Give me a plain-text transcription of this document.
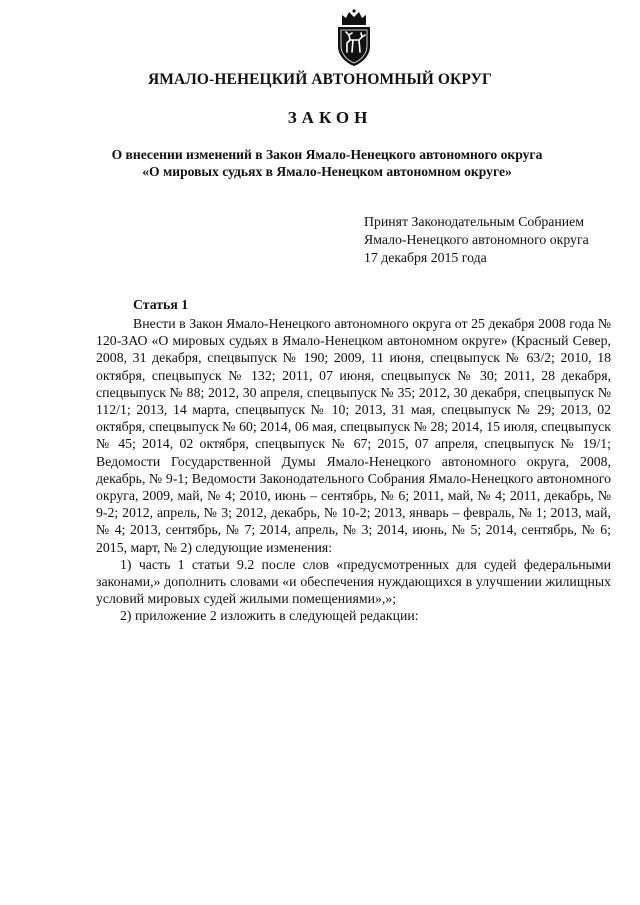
ЯМАЛО-НЕНЕЦКИЙ АВТОНОМНЫЙ ОКРУГ
ЗАКОН
О внесении изменений в Закон Ямало-Ненецкого автономного округа
«О мировых судьях в Ямало-Ненецком автономном округе»
Принят Законодательным Собранием
Ямало-Ненецкого автономного округа
17 декабря 2015 года
Статья 1

Внести в Закон Ямало-Ненецкого автономного округа от 25 декабря 2008 года № 120-ЗАО «О мировых судьях в Ямало-Ненецком автономном округе» (Красный Север, 2008, 31 декабря, спецвыпуск № 190; 2009, 11 июня, спецвыпуск № 63/2; 2010, 18 октября, спецвыпуск № 132; 2011, 07 июня, спецвыпуск № 30; 2011, 28 декабря, спецвыпуск № 88; 2012, 30 апреля, спецвыпуск № 35; 2012, 30 декабря, спецвыпуск № 112/1; 2013, 14 марта, спецвыпуск № 10; 2013, 31 мая, спецвыпуск № 29; 2013, 02 октября, спецвыпуск № 60; 2014, 06 мая, спецвыпуск № 28; 2014, 15 июля, спецвыпуск № 45; 2014, 02 октября, спецвыпуск № 67; 2015, 07 апреля, спецвыпуск № 19/1; Ведомости Государственной Думы Ямало-Ненецкого автономного округа, 2008, декабрь, № 9-1; Ведомости Законодательного Собрания Ямало-Ненецкого автономного округа, 2009, май, № 4; 2010, июнь – сентябрь, № 6; 2011, май, № 4; 2011, декабрь, № 9-2; 2012, апрель, № 3; 2012, декабрь, № 10-2; 2013, январь – февраль, № 1; 2013, май, № 4; 2013, сентябрь, № 7; 2014, апрель, № 3; 2014, июнь, № 5; 2014, сентябрь, № 6; 2015, март, № 2) следующие изменения:

1) часть 1 статьи 9.2 после слов «предусмотренных для судей федеральными законами,» дополнить словами «и обеспечения нуждающихся в улучшении жилищных условий мировых судей жилыми помещениями»,»;

2) приложение 2 изложить в следующей редакции:
